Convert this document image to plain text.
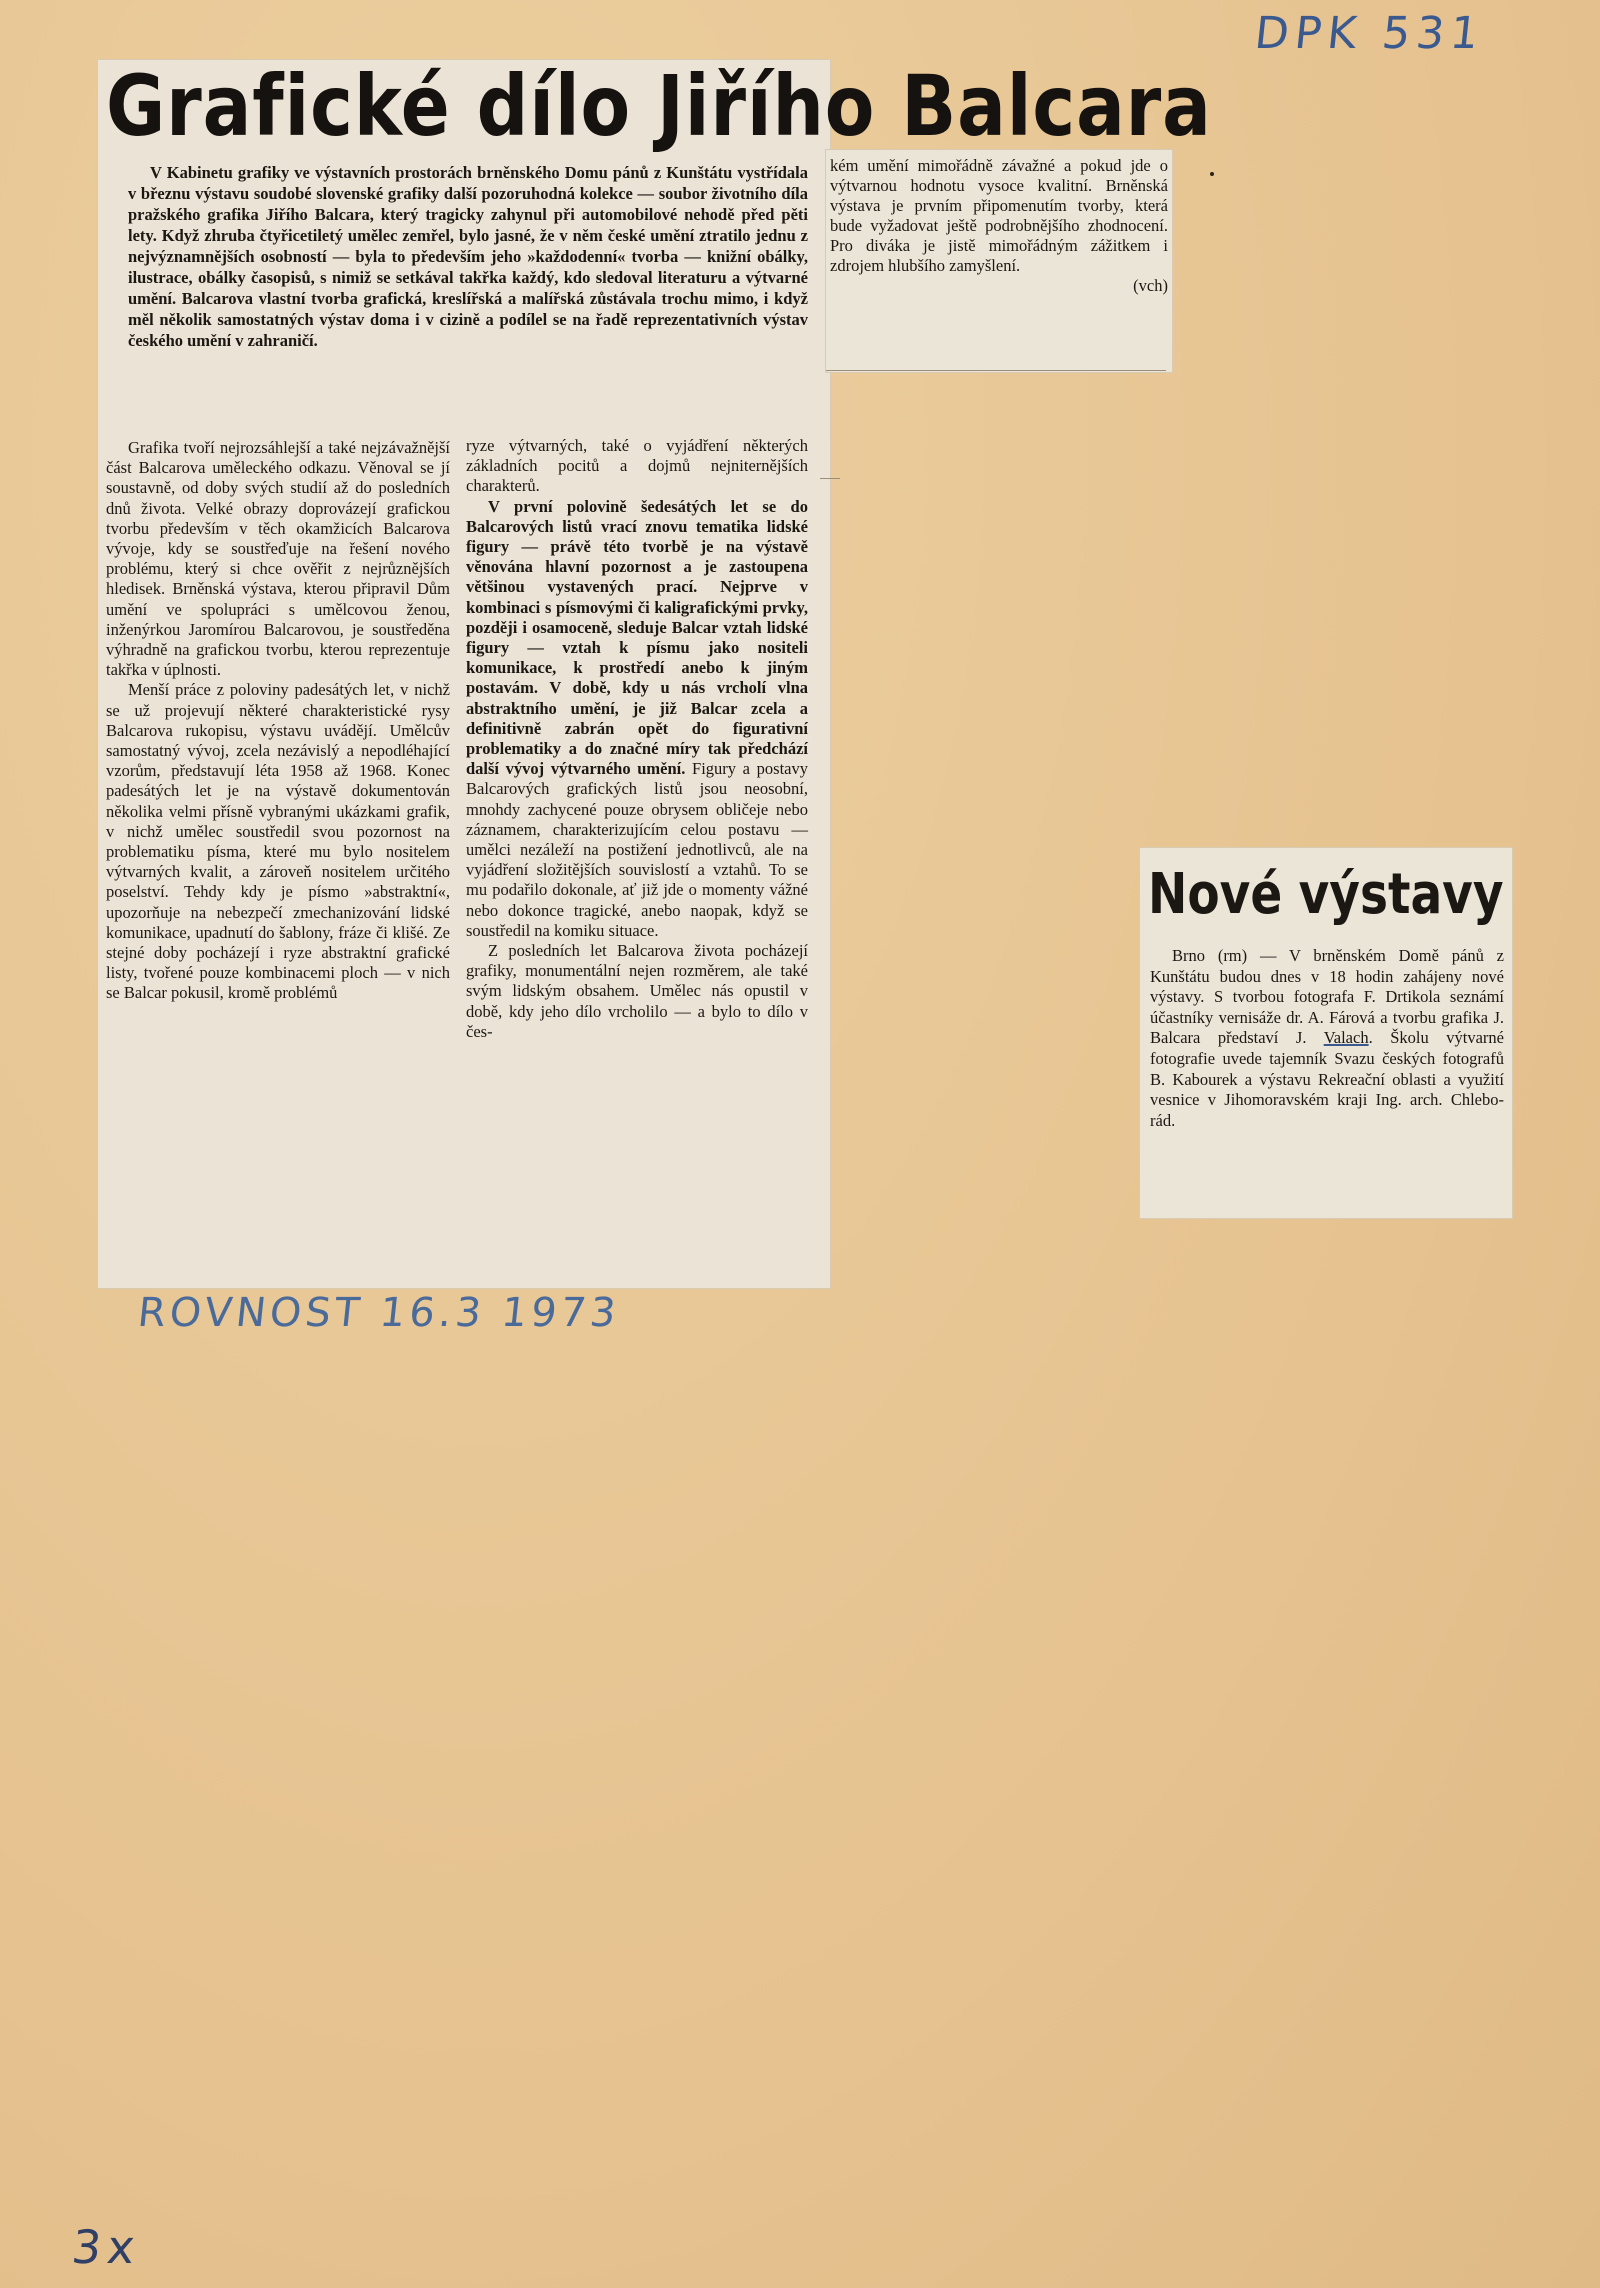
DPK 531
Grafické dílo Jiřího Balcara

V Kabinetu grafiky ve výstavních prostorách brněnského Domu pánů z Kunštátu vystřídala v březnu výstavu soudobé slovenské grafiky další pozoruhodná kolekce — soubor životního díla pražského grafika Jiřího Balcara, který tragicky zahynul při automobilové nehodě před pěti lety. Když zhruba čtyřicetiletý umělec zemřel, bylo jasné, že v něm české umění ztratilo jednu z nejvýznamnějších osobností — byla to především jeho »každodenní« tvorba — knižní obálky, ilustrace, obálky časopisů, s nimiž se setkával takřka každý, kdo sledoval literaturu a výtvarné umění. Balcarova vlastní tvorba grafická, kreslířská a malířská zůstávala trochu mimo, i když měl několik samostatných výstav doma i v cizině a podílel se na řadě reprezentativních výstav českého umění v zahraničí.

Grafika tvoří nejrozsáhlejší a také nejzávažnější část Balcarova uměleckého odkazu. Věnoval se jí soustavně, od doby svých studií až do posledních dnů života. Velké obrazy doprovázejí grafickou tvorbu především v těch okamžicích Balcarova vývoje, kdy se soustřeďuje na řešení nového problému, který si chce ověřit z nejrůznějších hledisek. Brněnská výstava, kterou připravil Dům umění ve spolupráci s umělcovou ženou, inženýrkou Jaromírou Balcarovou, je soustředěna výhradně na grafickou tvorbu, kterou reprezentuje takřka v úplnosti.

Menší práce z poloviny padesátých let, v nichž se už projevují některé charakteristické rysy Balcarova rukopisu, výstavu uvádějí. Umělcův samostatný vývoj, zcela nezávislý a nepodléhající vzorům, představují léta 1958 až 1968. Konec padesátých let je na výstavě dokumentován několika velmi přísně vybranými ukázkami grafik, v nichž umělec soustředil svou pozornost na problematiku písma, které mu bylo nositelem výtvarných kvalit, a zároveň nositelem určitého poselství. Tehdy kdy je písmo »abstraktní«, upozorňuje na nebezpečí zmechanizování lidské komunikace, upadnutí do šablony, fráze či klišé. Ze stejné doby pocházejí i ryze abstraktní grafické listy, tvořené pouze kombinacemi ploch — v nich se Balcar pokusil, kromě problémů

ryze výtvarných, také o vyjádření některých základních pocitů a dojmů nejniternějších charakterů.

V první polovině šedesátých let se do Balcarových listů vrací znovu tematika lidské figury — právě této tvorbě je na výstavě věnována hlavní pozornost a je zastoupena většinou vystavených prací. Nejprve v kombinaci s písmovými či kaligrafickými prvky, později i osamoceně, sleduje Balcar vztah lidské figury — vztah k písmu jako nositeli komunikace, k prostředí anebo k jiným postavám. V době, kdy u nás vrcholí vlna abstraktního umění, je již Balcar zcela a definitivně zabrán opět do figurativní problematiky a do značné míry tak předchází další vývoj výtvarného umění. Figury a postavy Balcarových grafických listů jsou neosobní, mnohdy zachycené pouze obrysem obličeje nebo záznamem, charakterizujícím celou postavu — umělci nezáleží na postižení jednotlivců, ale na vyjádření složitějších souvislostí a vztahů. To se mu podařilo dokonale, ať již jde o momenty vážné nebo dokonce tragické, anebo naopak, když se soustředil na komiku situace.

Z posledních let Balcarova života pocházejí grafiky, monumentální nejen rozměrem, ale také svým lidským obsahem. Umělec nás opustil v době, kdy jeho dílo vrcholilo — a bylo to dílo v čes-

kém umění mimořádně závažné a pokud jde o výtvarnou hodnotu vysoce kvalitní. Brněnská výstava je prvním připomenutím tvorby, která bude vyžadovat ještě podrobnějšího zhodnocení. Pro diváka je jistě mimořádným zážitkem i zdrojem hlubšího zamyšlení.

(vch)

Nové výstavy

Brno (rm) — V brněnském Domě pánů z Kunštátu budou dnes v 18 hodin zahájeny nové výstavy. S tvorbou fotografa F. Drtikola seznámí účastníky vernisáže dr. A. Fárová a tvorbu grafika J. Balcara představí J. Valach. Školu výtvarné fotografie uvede tajemník Svazu českých fotografů B. Kabourek a výstavu Rekreační oblasti a využití vesnice v Jihomoravském kraji Ing. arch. Chlebo-rád.

ROVNOST 16.3 1973
3x
